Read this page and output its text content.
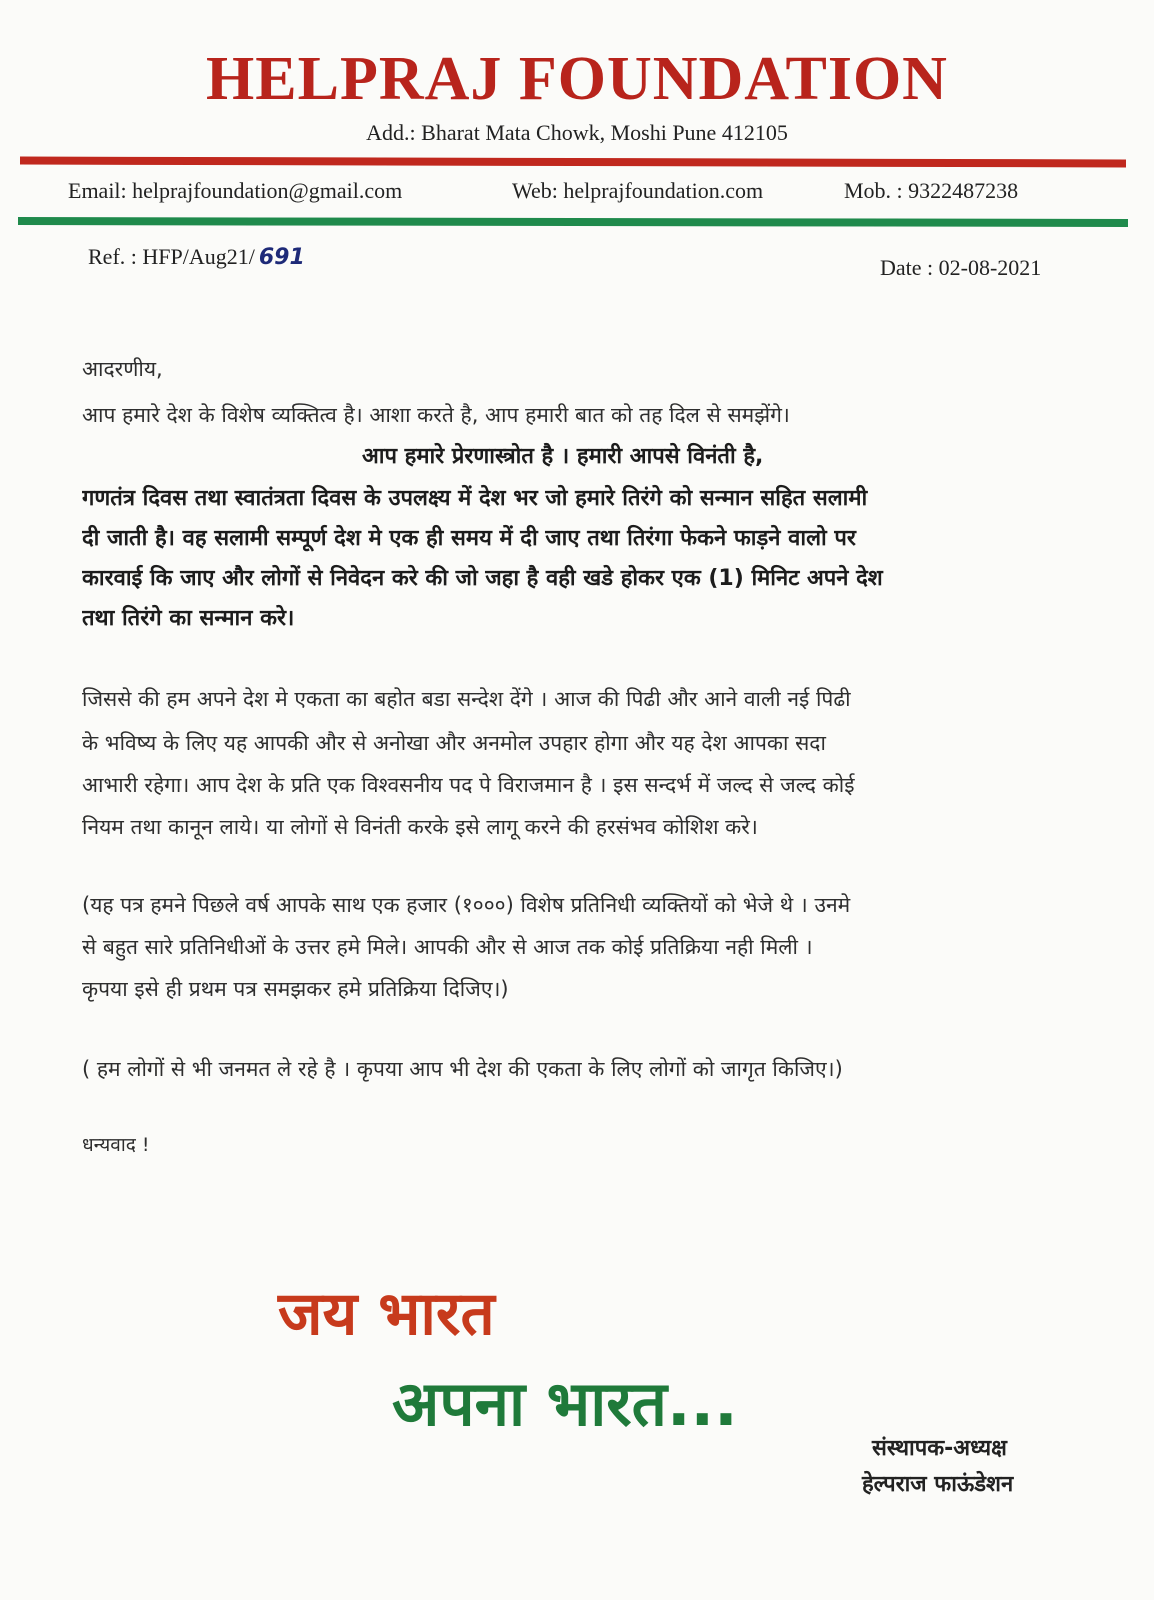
HELPRAJ FOUNDATION
Add.: Bharat Mata Chowk, Moshi Pune 412105
Email: helprajfoundation@gmail.com	Web: helprajfoundation.com	Mob. : 9322487238
Ref. : HFP/Aug21/ 691	Date : 02-08-2021
आदरणीय,
आप हमारे देश के विशेष व्यक्तित्व है। आशा करते है, आप हमारी बात को तह दिल से समझेंगे।
आप हमारे प्रेरणास्त्रोत है । हमारी आपसे विनंती है,
गणतंत्र दिवस तथा स्वातंत्रता दिवस के उपलक्ष्य में देश भर जो हमारे तिरंगे को सन्मान सहित सलामी
दी जाती है। वह सलामी सम्पूर्ण देश मे एक ही समय में दी जाए तथा तिरंगा फेकने फाड़ने वालो पर
कारवाई कि जाए और लोगों से निवेदन करे की जो जहा है वही खडे होकर एक (1) मिनिट अपने देश
तथा तिरंगे का सन्मान करे।
जिससे की हम अपने देश मे एकता का बहोत बडा सन्देश देंगे । आज की पिढी और आने वाली नई पिढी
के भविष्य के लिए यह आपकी और से अनोखा और अनमोल उपहार होगा और यह देश आपका सदा
आभारी रहेगा। आप देश के प्रति एक विश्वसनीय पद पे विराजमान है । इस सन्दर्भ में जल्द से जल्द कोई
नियम तथा कानून लाये। या लोगों से विनंती करके इसे लागू करने की हरसंभव कोशिश करे।
(यह पत्र हमने पिछले वर्ष आपके साथ एक हजार (१०००) विशेष प्रतिनिधी व्यक्तियों को भेजे थे । उनमे
से बहुत सारे प्रतिनिधीओं के उत्तर हमे मिले। आपकी और से आज तक कोई प्रतिक्रिया नही मिली ।
कृपया इसे ही प्रथम पत्र समझकर हमे प्रतिक्रिया दिजिए।)
( हम लोगों से भी जनमत ले रहे है । कृपया आप भी देश की एकता के लिए लोगों को जागृत किजिए।)
धन्यवाद !
जय भारत
अपना भारत...
संस्थापक-अध्यक्ष
हेल्पराज फाऊंडेशन
